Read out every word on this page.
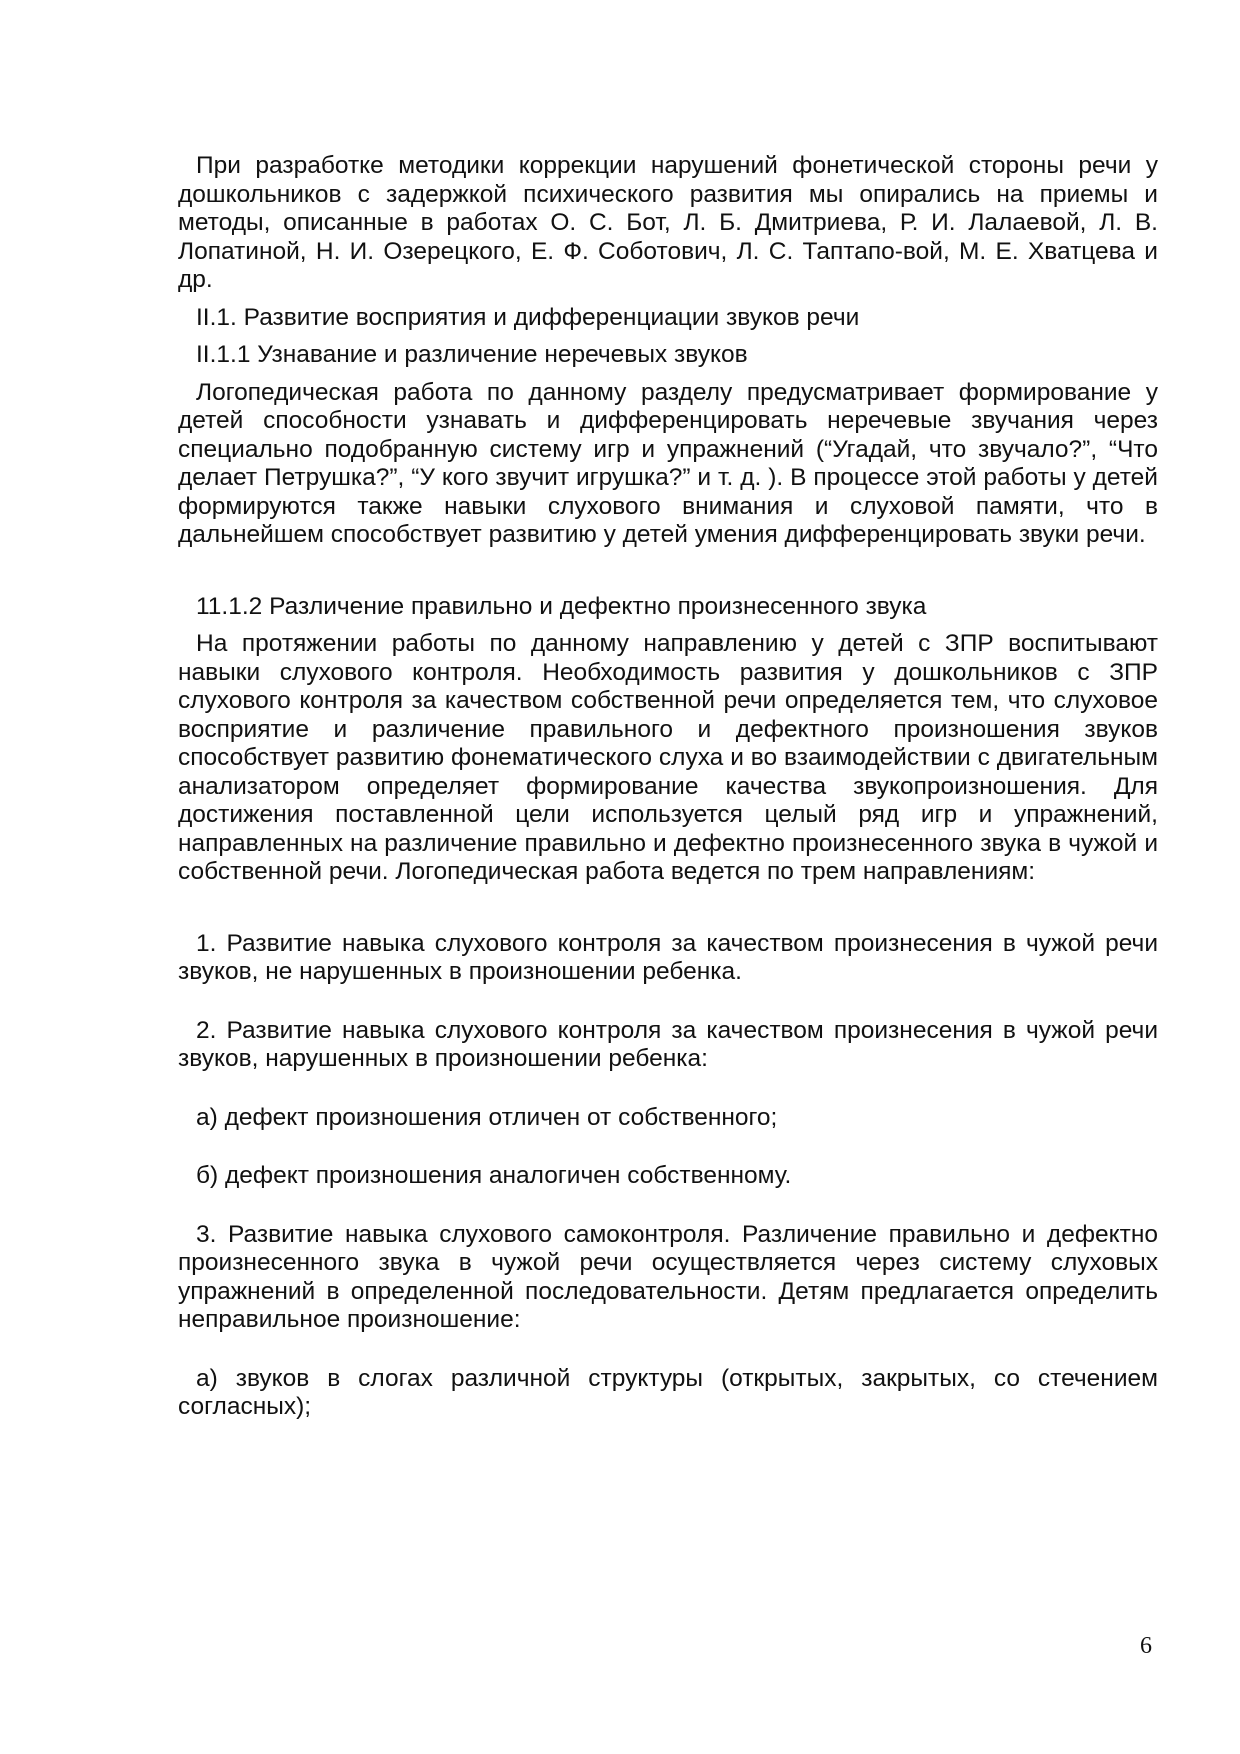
При разработке методики коррекции нарушений фонетической стороны речи у дошкольников с задержкой психического развития мы опирались на приемы и методы, описанные в работах О. С. Бот, Л. Б. Дмитриева, Р. И. Лалаевой, Л. В. Лопатиной, Н. И. Озерецкого, Е. Ф. Соботович, Л. С. Таптапо-вой, М. Е. Хватцева и др.

II.1. Развитие восприятия и дифференциации звуков речи

II.1.1 Узнавание и различение неречевых звуков

Логопедическая работа по данному разделу предусматривает формирование у детей способности узнавать и дифференцировать неречевые звучания через специально подобранную систему игр и упражнений (“Угадай, что звучало?”, “Что делает Петрушка?”, “У кого звучит игрушка?” и т. д. ). В процессе этой работы у детей формируются также навыки слухового внимания и слуховой памяти, что в дальнейшем способствует развитию у детей умения дифференцировать звуки речи.

11.1.2 Различение правильно и дефектно произнесенного звука

На протяжении работы по данному направлению у детей с ЗПР воспитывают навыки слухового контроля. Необходимость развития у дошкольников с ЗПР слухового контроля за качеством собственной речи определяется тем, что слуховое восприятие и различение правильного и дефектного произношения звуков способствует развитию фонематического слуха и во взаимодействии с двигательным анализатором определяет формирование качества звукопроизношения. Для достижения поставленной цели используется целый ряд игр и упражнений, направленных на различение правильно и дефектно произнесенного звука в чужой и собственной речи. Логопедическая работа ведется по трем направлениям:

1. Развитие навыка слухового контроля за качеством произнесения в чужой речи звуков, не нарушенных в произношении ребенка.

2. Развитие навыка слухового контроля за качеством произнесения в чужой речи звуков, нарушенных в произношении ребенка:

а) дефект произношения отличен от собственного;

б) дефект произношения аналогичен собственному.

3. Развитие навыка слухового самоконтроля. Различение правильно и дефектно произнесенного звука в чужой речи осуществляется через систему слуховых упражнений в определенной последовательности. Детям предлагается определить неправильное произношение:

а) звуков в слогах различной структуры (открытых, закрытых, со стечением согласных);

6
